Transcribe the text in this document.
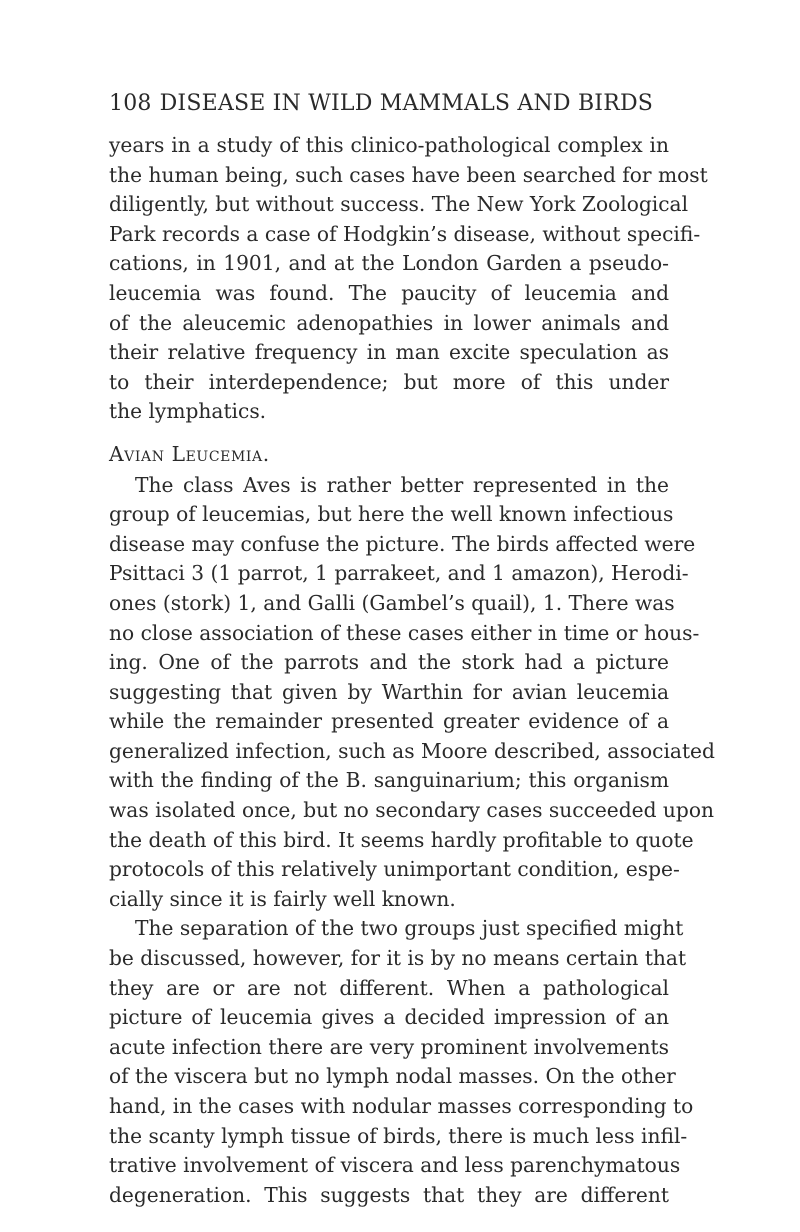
108 DISEASE IN WILD MAMMALS AND BIRDS
years in a study of this clinico-pathological complex in
the human being, such cases have been searched for most
diligently, but without success. The New York Zoological
Park records a case of Hodgkin’s disease, without specifi-
cations, in 1901, and at the London Garden a pseudo-
leucemia was found. The paucity of leucemia and
of the aleucemic adenopathies in lower animals and
their relative frequency in man excite speculation as
to their interdependence; but more of this under
the lymphatics.
Avian Leucemia.
The class Aves is rather better represented in the
group of leucemias, but here the well known infectious
disease may confuse the picture. The birds affected were
Psittaci 3 (1 parrot, 1 parrakeet, and 1 amazon), Herodi-
ones (stork) 1, and Galli (Gambel’s quail), 1. There was
no close association of these cases either in time or hous-
ing. One of the parrots and the stork had a picture
suggesting that given by Warthin for avian leucemia
while the remainder presented greater evidence of a
generalized infection, such as Moore described, associated
with the finding of the B. sanguinarium; this organism
was isolated once, but no secondary cases succeeded upon
the death of this bird. It seems hardly profitable to quote
protocols of this relatively unimportant condition, espe-
cially since it is fairly well known.
The separation of the two groups just specified might
be discussed, however, for it is by no means certain that
they are or are not different. When a pathological
picture of leucemia gives a decided impression of an
acute infection there are very prominent involvements
of the viscera but no lymph nodal masses. On the other
hand, in the cases with nodular masses corresponding to
the scanty lymph tissue of birds, there is much less infil-
trative involvement of viscera and less parenchymatous
degeneration. This suggests that they are different
